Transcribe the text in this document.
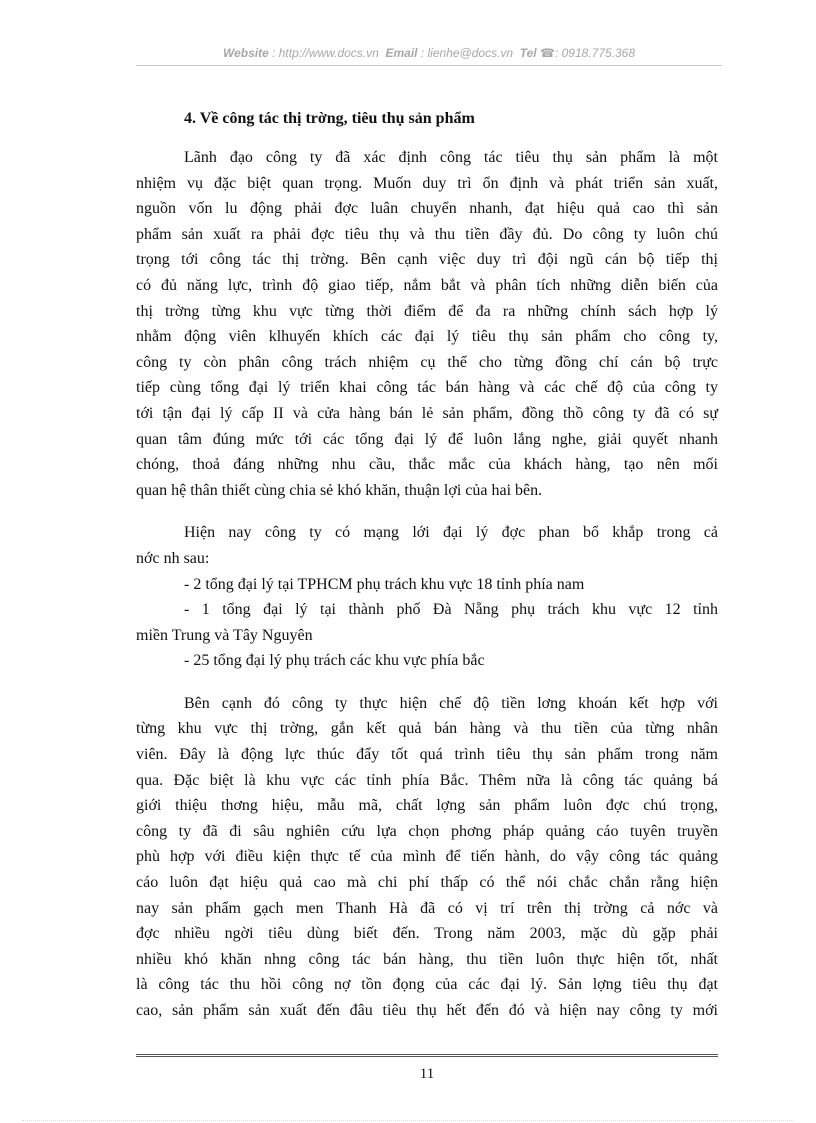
Website : http://www.docs.vn Email : lienhe@docs.vn Tel ☎: 0918.775.368
4. Về công tác thị trờng, tiêu thụ sản phẩm
Lãnh đạo công ty đã xác định công tác tiêu thụ sản phẩm là một
nhiệm vụ đặc biệt quan trọng. Muốn duy trì ổn định và phát triển sản xuất,
nguồn vốn lu động phải đợc luân chuyển nhanh, đạt hiệu quả cao thì sản
phẩm sản xuất ra phải đợc tiêu thụ và thu tiền đầy đủ. Do công ty luôn chú
trọng tới công tác thị trờng. Bên cạnh việc duy trì đội ngũ cán bộ tiếp thị
có đủ năng lực, trình độ giao tiếp, nắm bắt và phân tích những diễn biến của
thị trờng từng khu vực từng thời điểm để đa ra những chính sách hợp lý
nhằm động viên klhuyến khích các đại lý tiêu thụ sản phẩm cho công ty,
công ty còn phân công trách nhiệm cụ thể cho từng đồng chí cán bộ trực
tiếp cùng tổng đại lý triển khai công tác bán hàng và các chế độ của công ty
tới tận đại lý cấp II và cửa hàng bán lẻ sản phẩm, đồng thồ công ty đã có sự
quan tâm đúng mức tới các tổng đại lý để luôn lắng nghe, giải quyết nhanh
chóng, thoả đáng những nhu cầu, thắc mắc của khách hàng, tạo nên mối
quan hệ thân thiết cùng chia sẻ khó khăn, thuận lợi của hai bên.
Hiện nay công ty có mạng lới đại lý đợc phan bổ khắp trong cả
nớc nh sau:
- 2 tổng đại lý tại TPHCM phụ trách khu vực 18 tỉnh phía nam
- 1 tổng đại lý tại thành phố Đà Nẵng phụ trách khu vực 12 tỉnh
miền Trung và Tây Nguyên
- 25 tổng đại lý phụ trách các khu vực phía bắc
Bên cạnh đó công ty thực hiện chế độ tiền lơng khoán kết hợp với
từng khu vực thị trờng, gắn kết quả bán hàng và thu tiền của từng nhân
viên. Đây là động lực thúc đẩy tốt quá trình tiêu thụ sản phẩm trong năm
qua. Đặc biệt là khu vực các tỉnh phía Bắc. Thêm nữa là công tác quảng bá
giới thiệu thơng hiệu, mẫu mã, chất lợng sản phẩm luôn đợc chú trọng,
công ty đã đi sâu nghiên cứu lựa chọn phơng pháp quảng cáo tuyên truyền
phù hợp với điều kiện thực tế của mình để tiến hành, do vậy công tác quảng
cáo luôn đạt hiệu quả cao mà chi phí thấp có thể nói chắc chắn rằng hiện
nay sản phẩm gạch men Thanh Hà đã có vị trí trên thị trờng cả nớc và
đợc nhiều ngời tiêu dùng biết đến. Trong năm 2003, mặc dù gặp phải
nhiều khó khăn nhng công tác bán hàng, thu tiền luôn thực hiện tốt, nhất
là công tác thu hồi công nợ tồn đọng của các đại lý. Sản lợng tiêu thụ đạt
cao, sản phẩm sản xuất đến đâu tiêu thụ hết đến đó và hiện nay công ty mới
11
